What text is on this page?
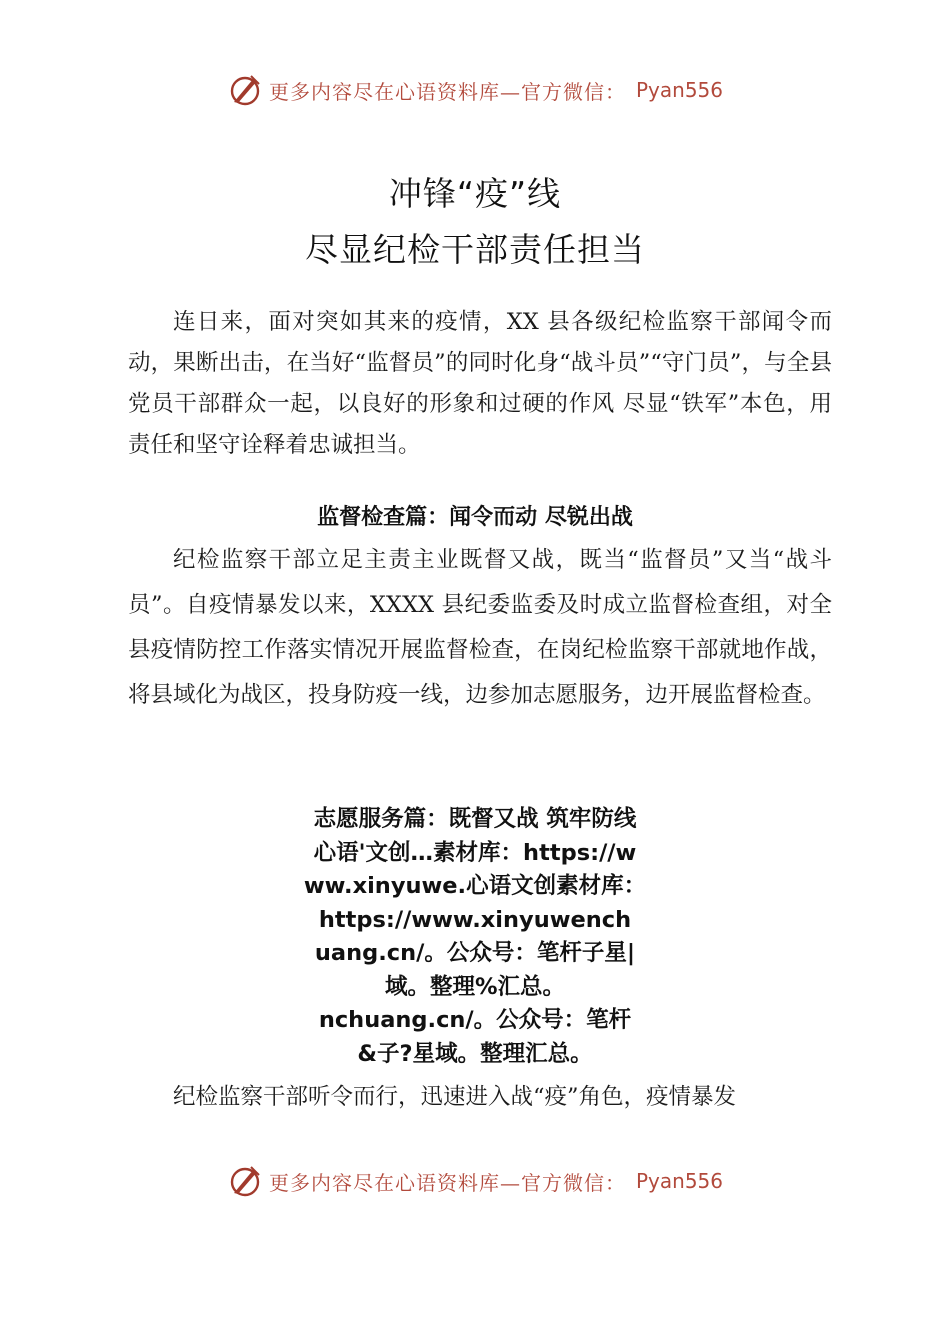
更多内容尽在心语资料库—官方微信： Pyan556
冲锋“疫”线
尽显纪检干部责任担当

连日来，面对突如其来的疫情，XX 县各级纪检监察干部闻令而动，果断出击，在当好“监督员”的同时化身“战斗员”“守门员”，与全县党员干部群众一起，以良好的形象和过硬的作风 尽显“铁军”本色，用责任和坚守诠释着忠诚担当。

监督检查篇：闻令而动 尽锐出战

纪检监察干部立足主责主业既督又战，既当“监督员”又当“战斗员”。自疫情暴发以来，XXXX 县纪委监委及时成立监督检查组，对全县疫情防控工作落实情况开展监督检查，在岗纪检监察干部就地作战，将县域化为战区，投身防疫一线，边参加志愿服务，边开展监督检查。

志愿服务篇：既督又战 筑牢防线
心语'文创…素材库：https://w
ww.xinyuwe.心语文创素材库：
https://www.xinyuwench
uang.cn/。公众号：笔杆子星|
域。整理%汇总。
nchuang.cn/。公众号：笔杆
&子?星域。整理汇总。

纪检监察干部听令而行，迅速进入战“疫”角色，疫情暴发

更多内容尽在心语资料库—官方微信： Pyan556
